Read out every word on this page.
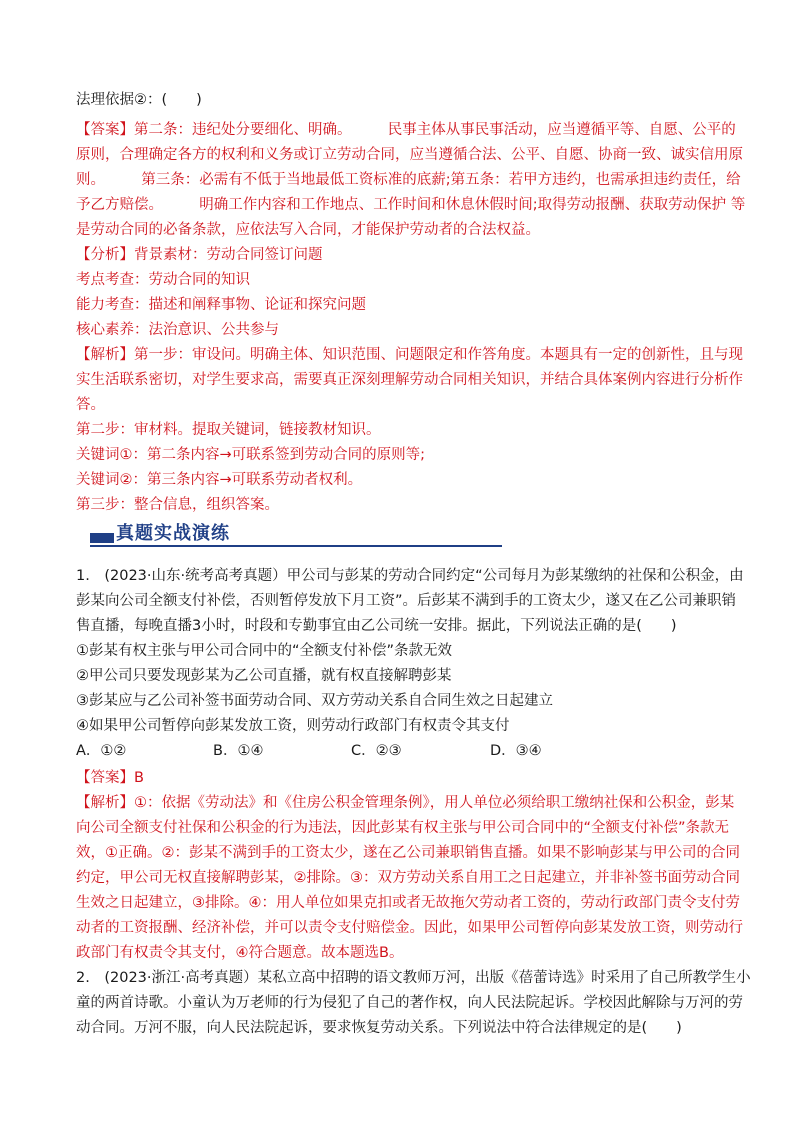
法理依据②：(　　)
【答案】第二条：违纪处分要细化、明确。　　　民事主体从事民事活动，应当遵循平等、自愿、公平的
原则，合理确定各方的权利和义务或订立劳动合同，应当遵循合法、公平、自愿、协商一致、诚实信用原
则。　　　第三条：必需有不低于当地最低工资标准的底薪;第五条：若甲方违约，也需承担违约责任，给
予乙方赔偿。　　　明确工作内容和工作地点、工作时间和休息休假时间;取得劳动报酬、获取劳动保护 等
是劳动合同的必备条款，应依法写入合同，才能保护劳动者的合法权益。
【分析】背景素材：劳动合同签订问题
考点考查：劳动合同的知识
能力考查：描述和阐释事物、论证和探究问题
核心素养：法治意识、公共参与
【解析】第一步：审设问。明确主体、知识范围、问题限定和作答角度。本题具有一定的创新性，且与现
实生活联系密切，对学生要求高，需要真正深刻理解劳动合同相关知识，并结合具体案例内容进行分析作
答。
第二步：审材料。提取关键词，链接教材知识。
关键词①：第二条内容→可联系签到劳动合同的原则等;
关键词②：第三条内容→可联系劳动者权利。
第三步：整合信息，组织答案。
真题实战演练
1.　(2023·山东·统考高考真题）甲公司与彭某的劳动合同约定“公司每月为彭某缴纳的社保和公积金，由
彭某向公司全额支付补偿，否则暂停发放下月工资”。后彭某不满到手的工资太少，遂又在乙公司兼职销
售直播，每晚直播3小时，时段和专勤事宜由乙公司统一安排。据此，下列说法正确的是(　　)
①彭某有权主张与甲公司合同中的“全额支付补偿”条款无效
②甲公司只要发现彭某为乙公司直播，就有权直接解聘彭某
③彭某应与乙公司补签书面劳动合同、双方劳动关系自合同生效之日起建立
④如果甲公司暂停向彭某发放工资，则劳动行政部门有权责令其支付
A．①②	B．①④	C．②③	D．③④
【答案】B
【解析】①：依据《劳动法》和《住房公积金管理条例》，用人单位必须给职工缴纳社保和公积金，彭某
向公司全额支付社保和公积金的行为违法，因此彭某有权主张与甲公司合同中的“全额支付补偿”条款无
效，①正确。②：彭某不满到手的工资太少，遂在乙公司兼职销售直播。如果不影响彭某与甲公司的合同
约定，甲公司无权直接解聘彭某，②排除。③：双方劳动关系自用工之日起建立，并非补签书面劳动合同
生效之日起建立，③排除。④：用人单位如果克扣或者无故拖欠劳动者工资的，劳动行政部门责令支付劳
动者的工资报酬、经济补偿，并可以责令支付赔偿金。因此，如果甲公司暂停向彭某发放工资，则劳动行
政部门有权责令其支付，④符合题意。故本题选B。
2.　(2023·浙江·高考真题）某私立高中招聘的语文教师万河，出版《蓓蕾诗选》时采用了自己所教学生小
童的两首诗歌。小童认为万老师的行为侵犯了自己的著作权，向人民法院起诉。学校因此解除与万河的劳
动合同。万河不服，向人民法院起诉，要求恢复劳动关系。下列说法中符合法律规定的是(　　)
